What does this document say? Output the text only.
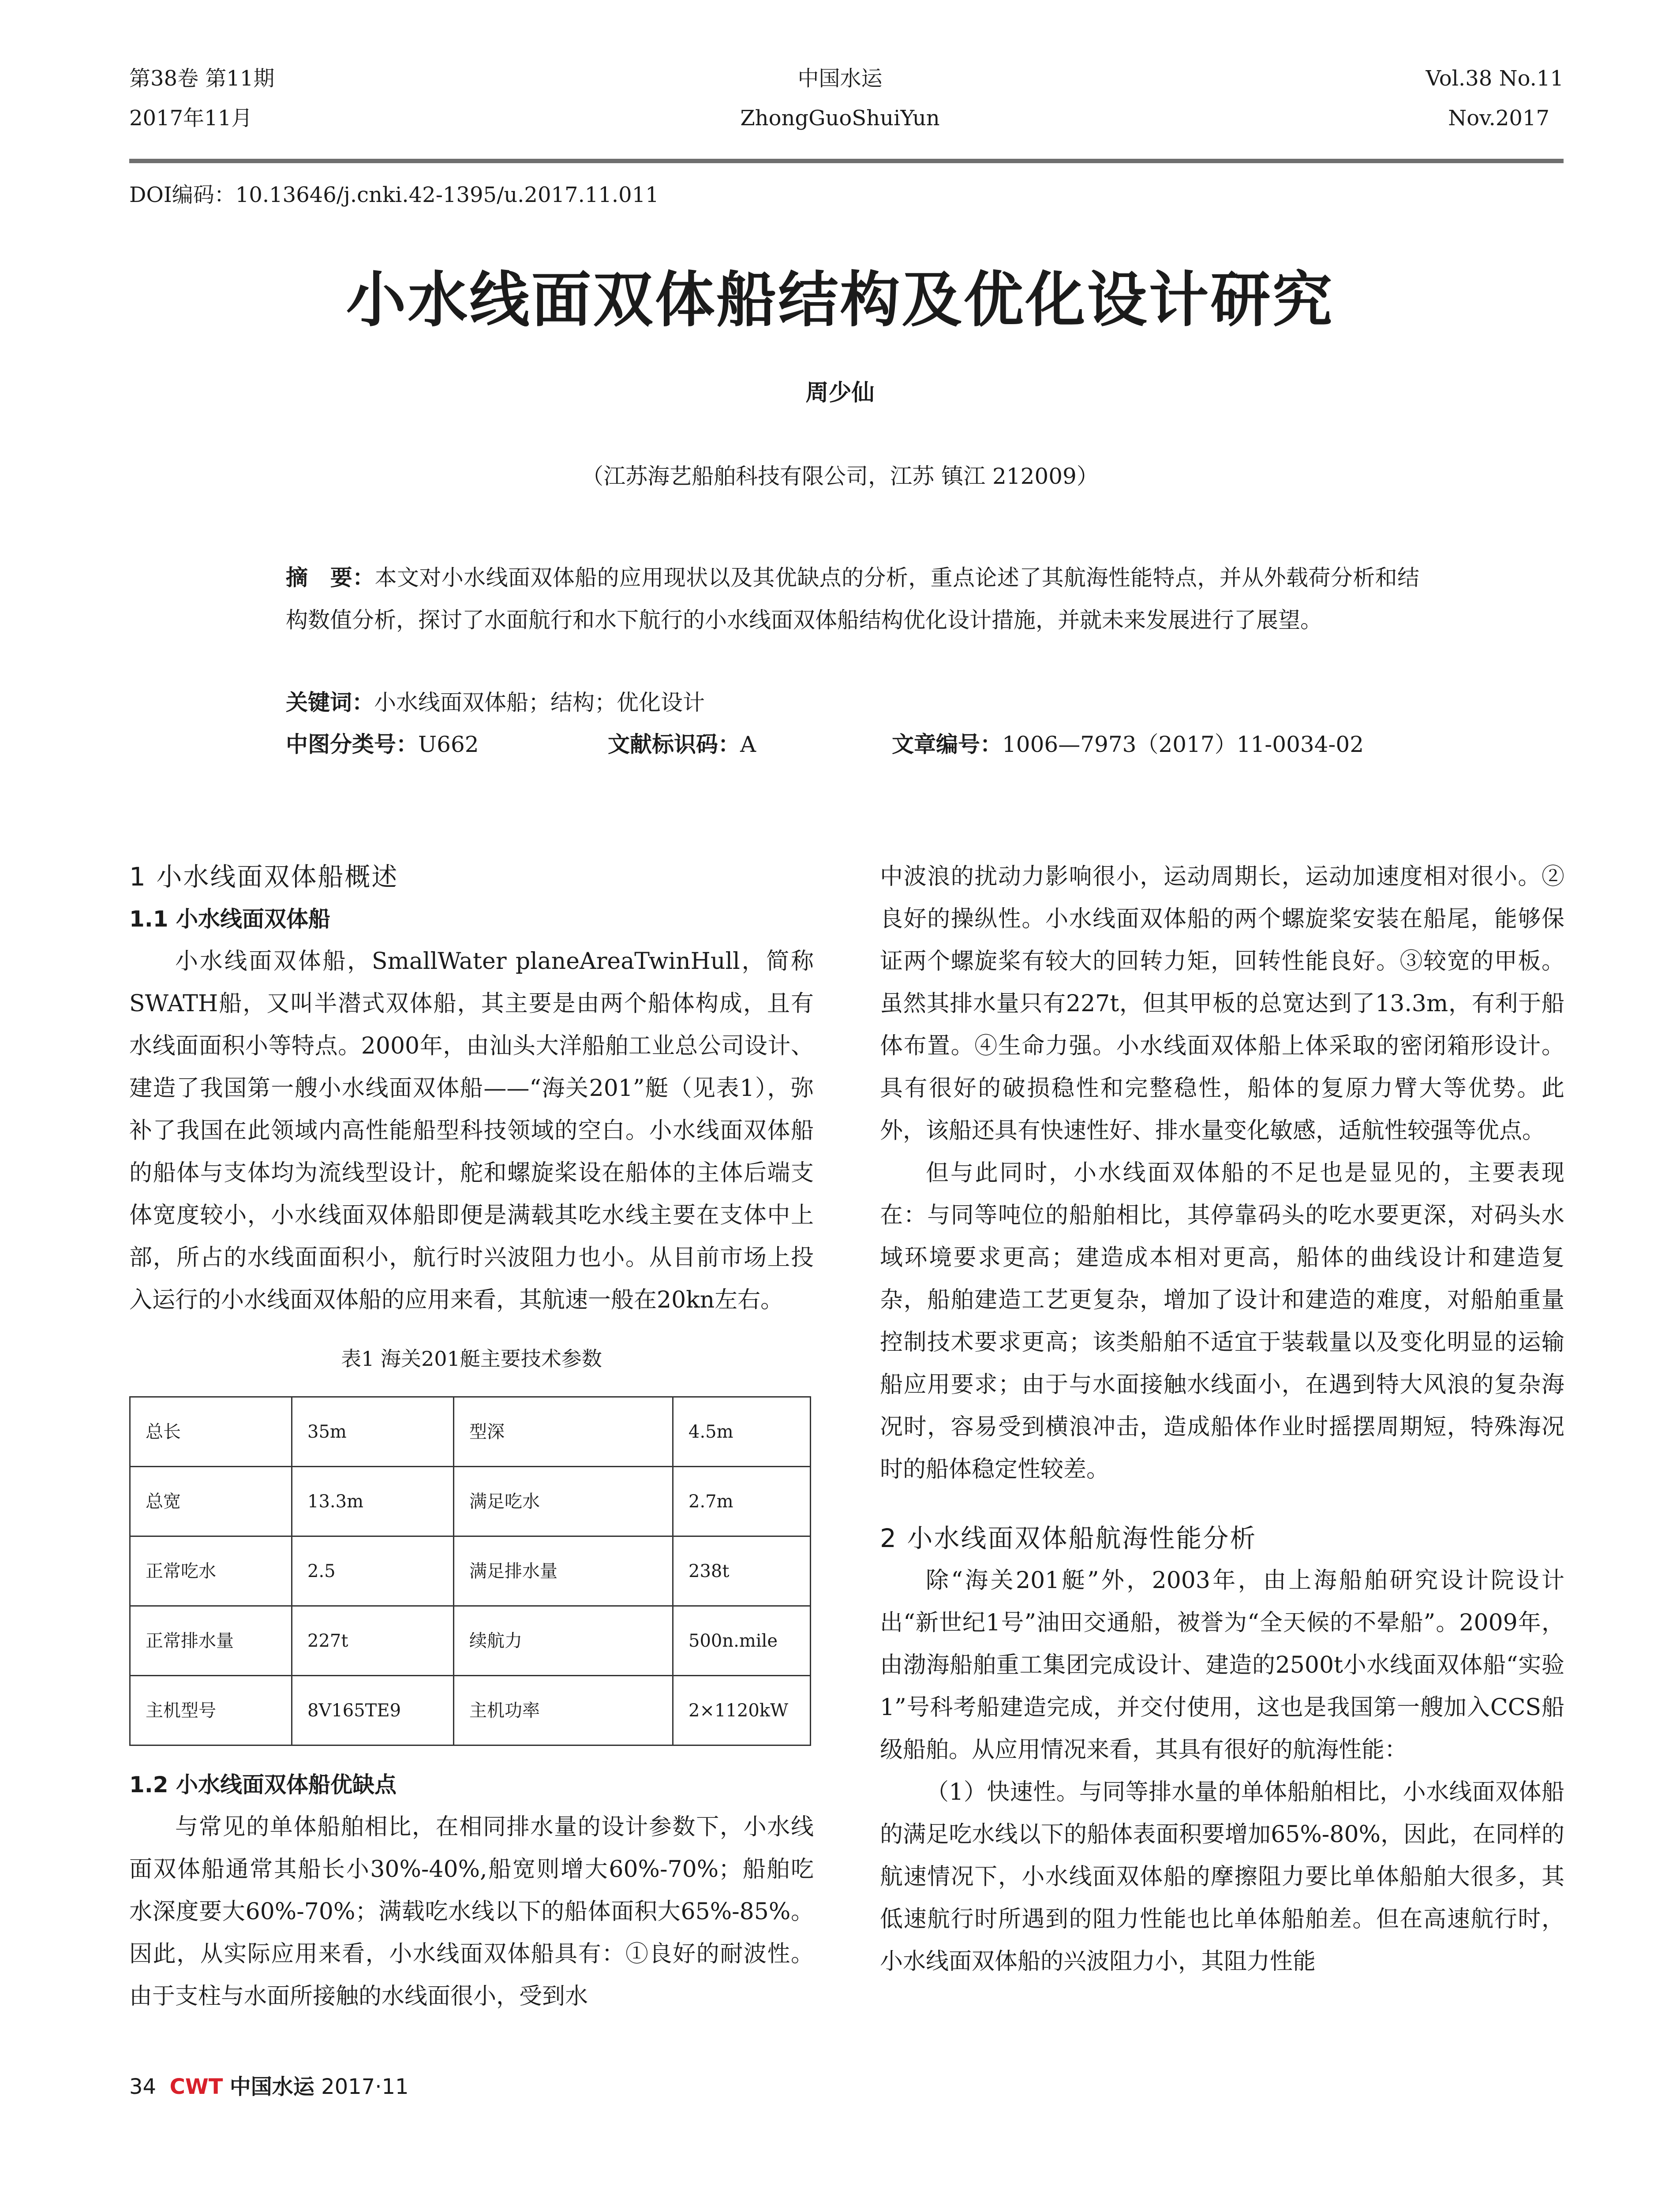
第38卷 第11期
2017年11月
中国水运
ZhongGuoShuiYun
Vol.38 No.11
Nov.2017
DOI编码：10.13646/j.cnki.42-1395/u.2017.11.011
小水线面双体船结构及优化设计研究
周少仙
（江苏海艺船舶科技有限公司，江苏 镇江 212009）
摘　要：本文对小水线面双体船的应用现状以及其优缺点的分析，重点论述了其航海性能特点，并从外载荷分析和结构数值分析，探讨了水面航行和水下航行的小水线面双体船结构优化设计措施，并就未来发展进行了展望。
关键词：小水线面双体船；结构；优化设计
中图分类号：U662	文献标识码：A	文章编号：1006—7973（2017）11-0034-02
1 小水线面双体船概述
1.1 小水线面双体船

小水线面双体船，SmallWater planeAreaTwinHull，简称SWATH船，又叫半潜式双体船，其主要是由两个船体构成，且有水线面面积小等特点。2000年，由汕头大洋船舶工业总公司设计、建造了我国第一艘小水线面双体船——“海关201”艇（见表1），弥补了我国在此领域内高性能船型科技领域的空白。小水线面双体船的船体与支体均为流线型设计，舵和螺旋桨设在船体的主体后端支体宽度较小，小水线面双体船即便是满载其吃水线主要在支体中上部，所占的水线面面积小，航行时兴波阻力也小。从目前市场上投入运行的小水线面双体船的应用来看，其航速一般在20kn左右。

表1 海关201艇主要技术参数
总长	35m	型深	4.5m
总宽	13.3m	满足吃水	2.7m
正常吃水	2.5	满足排水量	238t
正常排水量	227t	续航力	500n.mile
主机型号	8V165TE9	主机功率	2×1120kW
1.2 小水线面双体船优缺点

与常见的单体船舶相比，在相同排水量的设计参数下，小水线面双体船通常其船长小30%-40%,船宽则增大60%-70%；船舶吃水深度要大60%-70%；满载吃水线以下的船体面积大65%-85%。因此，从实际应用来看，小水线面双体船具有：①良好的耐波性。由于支柱与水面所接触的水线面很小，受到水

中波浪的扰动力影响很小，运动周期长，运动加速度相对很小。②良好的操纵性。小水线面双体船的两个螺旋桨安装在船尾，能够保证两个螺旋桨有较大的回转力矩，回转性能良好。③较宽的甲板。虽然其排水量只有227t，但其甲板的总宽达到了13.3m，有利于船体布置。④生命力强。小水线面双体船上体采取的密闭箱形设计。具有很好的破损稳性和完整稳性，船体的复原力臂大等优势。此外，该船还具有快速性好、排水量变化敏感，适航性较强等优点。

但与此同时，小水线面双体船的不足也是显见的，主要表现在：与同等吨位的船舶相比，其停靠码头的吃水要更深，对码头水域环境要求更高；建造成本相对更高，船体的曲线设计和建造复杂，船舶建造工艺更复杂，增加了设计和建造的难度，对船舶重量控制技术要求更高；该类船舶不适宜于装载量以及变化明显的运输船应用要求；由于与水面接触水线面小，在遇到特大风浪的复杂海况时，容易受到横浪冲击，造成船体作业时摇摆周期短，特殊海况时的船体稳定性较差。

2 小水线面双体船航海性能分析

除“海关201艇”外，2003年，由上海船舶研究设计院设计出“新世纪1号”油田交通船，被誉为“全天候的不晕船”。2009年，由渤海船舶重工集团完成设计、建造的2500t小水线面双体船“实验1”号科考船建造完成，并交付使用，这也是我国第一艘加入CCS船级船舶。从应用情况来看，其具有很好的航海性能：

（1）快速性。与同等排水量的单体船舶相比，小水线面双体船的满足吃水线以下的船体表面积要增加65%-80%，因此，在同样的航速情况下，小水线面双体船的摩擦阻力要比单体船舶大很多，其低速航行时所遇到的阻力性能也比单体船舶差。但在高速航行时，小水线面双体船的兴波阻力小，其阻力性能

34 CWT 中国水运 2017·11
